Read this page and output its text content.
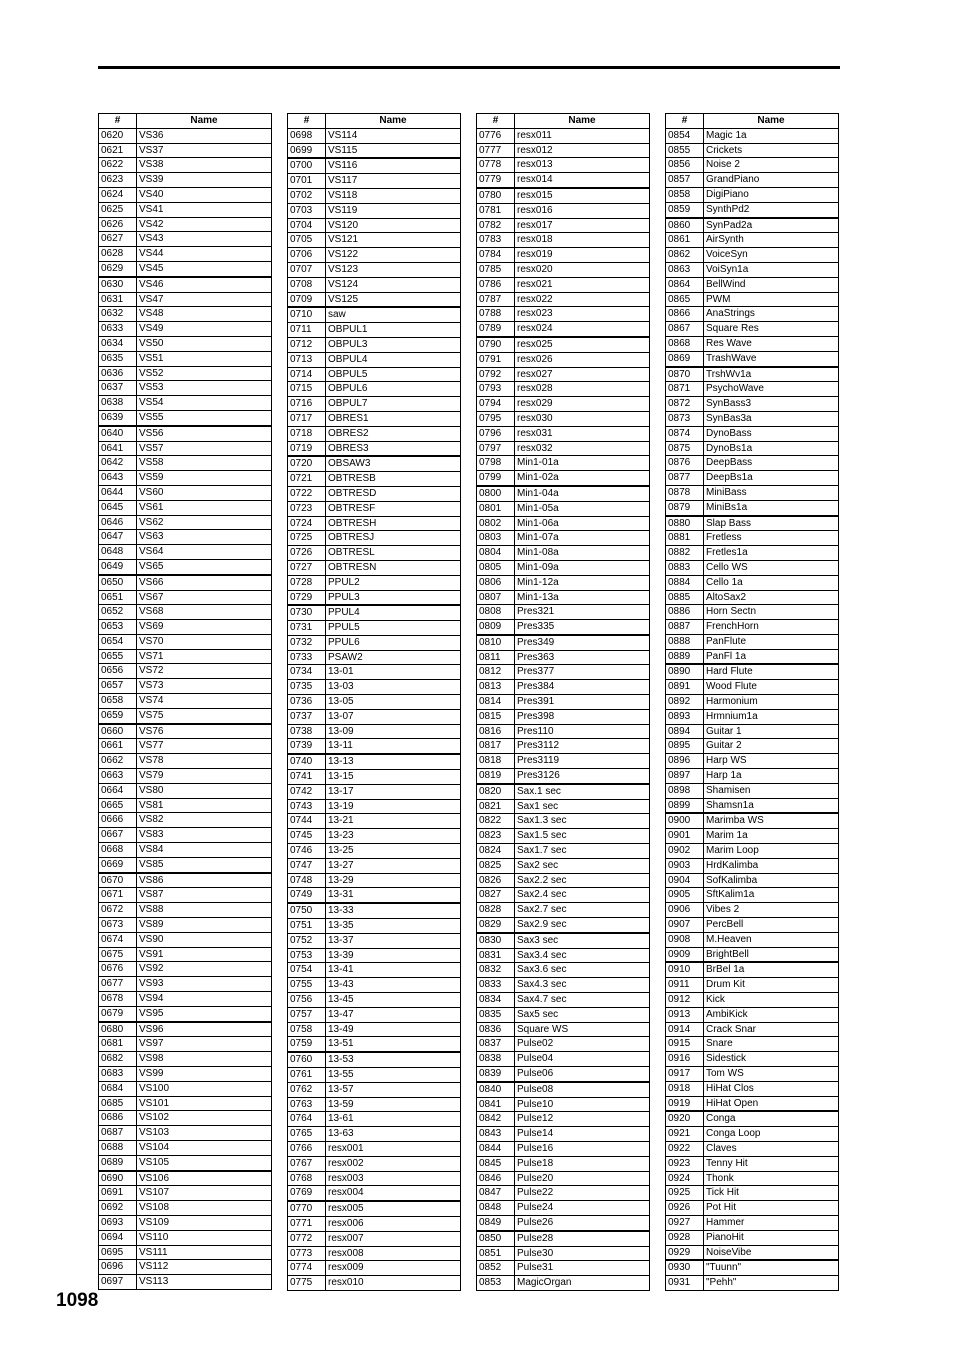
#	Name
0620	VS36
0621	VS37
0622	VS38
0623	VS39
0624	VS40
0625	VS41
0626	VS42
0627	VS43
0628	VS44
0629	VS45
0630	VS46
0631	VS47
0632	VS48
0633	VS49
0634	VS50
0635	VS51
0636	VS52
0637	VS53
0638	VS54
0639	VS55
0640	VS56
0641	VS57
0642	VS58
0643	VS59
0644	VS60
0645	VS61
0646	VS62
0647	VS63
0648	VS64
0649	VS65
0650	VS66
0651	VS67
0652	VS68
0653	VS69
0654	VS70
0655	VS71
0656	VS72
0657	VS73
0658	VS74
0659	VS75
0660	VS76
0661	VS77
0662	VS78
0663	VS79
0664	VS80
0665	VS81
0666	VS82
0667	VS83
0668	VS84
0669	VS85
0670	VS86
0671	VS87
0672	VS88
0673	VS89
0674	VS90
0675	VS91
0676	VS92
0677	VS93
0678	VS94
0679	VS95
0680	VS96
0681	VS97
0682	VS98
0683	VS99
0684	VS100
0685	VS101
0686	VS102
0687	VS103
0688	VS104
0689	VS105
0690	VS106
0691	VS107
0692	VS108
0693	VS109
0694	VS110
0695	VS111
0696	VS112
0697	VS113
#	Name
0698	VS114
0699	VS115
0700	VS116
0701	VS117
0702	VS118
0703	VS119
0704	VS120
0705	VS121
0706	VS122
0707	VS123
0708	VS124
0709	VS125
0710	saw
0711	OBPUL1
0712	OBPUL3
0713	OBPUL4
0714	OBPUL5
0715	OBPUL6
0716	OBPUL7
0717	OBRES1
0718	OBRES2
0719	OBRES3
0720	OBSAW3
0721	OBTRESB
0722	OBTRESD
0723	OBTRESF
0724	OBTRESH
0725	OBTRESJ
0726	OBTRESL
0727	OBTRESN
0728	PPUL2
0729	PPUL3
0730	PPUL4
0731	PPUL5
0732	PPUL6
0733	PSAW2
0734	13-01
0735	13-03
0736	13-05
0737	13-07
0738	13-09
0739	13-11
0740	13-13
0741	13-15
0742	13-17
0743	13-19
0744	13-21
0745	13-23
0746	13-25
0747	13-27
0748	13-29
0749	13-31
0750	13-33
0751	13-35
0752	13-37
0753	13-39
0754	13-41
0755	13-43
0756	13-45
0757	13-47
0758	13-49
0759	13-51
0760	13-53
0761	13-55
0762	13-57
0763	13-59
0764	13-61
0765	13-63
0766	resx001
0767	resx002
0768	resx003
0769	resx004
0770	resx005
0771	resx006
0772	resx007
0773	resx008
0774	resx009
0775	resx010
#	Name
0776	resx011
0777	resx012
0778	resx013
0779	resx014
0780	resx015
0781	resx016
0782	resx017
0783	resx018
0784	resx019
0785	resx020
0786	resx021
0787	resx022
0788	resx023
0789	resx024
0790	resx025
0791	resx026
0792	resx027
0793	resx028
0794	resx029
0795	resx030
0796	resx031
0797	resx032
0798	Min1-01a
0799	Min1-02a
0800	Min1-04a
0801	Min1-05a
0802	Min1-06a
0803	Min1-07a
0804	Min1-08a
0805	Min1-09a
0806	Min1-12a
0807	Min1-13a
0808	Pres321
0809	Pres335
0810	Pres349
0811	Pres363
0812	Pres377
0813	Pres384
0814	Pres391
0815	Pres398
0816	Pres110
0817	Pres3112
0818	Pres3119
0819	Pres3126
0820	Sax.1 sec
0821	Sax1 sec
0822	Sax1.3 sec
0823	Sax1.5 sec
0824	Sax1.7 sec
0825	Sax2 sec
0826	Sax2.2 sec
0827	Sax2.4 sec
0828	Sax2.7 sec
0829	Sax2.9 sec
0830	Sax3 sec
0831	Sax3.4 sec
0832	Sax3.6 sec
0833	Sax4.3 sec
0834	Sax4.7 sec
0835	Sax5 sec
0836	Square WS
0837	Pulse02
0838	Pulse04
0839	Pulse06
0840	Pulse08
0841	Pulse10
0842	Pulse12
0843	Pulse14
0844	Pulse16
0845	Pulse18
0846	Pulse20
0847	Pulse22
0848	Pulse24
0849	Pulse26
0850	Pulse28
0851	Pulse30
0852	Pulse31
0853	MagicOrgan
#	Name
0854	Magic 1a
0855	Crickets
0856	Noise 2
0857	GrandPiano
0858	DigiPiano
0859	SynthPd2
0860	SynPad2a
0861	AirSynth
0862	VoiceSyn
0863	VoiSyn1a
0864	BellWind
0865	PWM
0866	AnaStrings
0867	Square Res
0868	Res Wave
0869	TrashWave
0870	TrshWv1a
0871	PsychoWave
0872	SynBass3
0873	SynBas3a
0874	DynoBass
0875	DynoBs1a
0876	DeepBass
0877	DeepBs1a
0878	MiniBass
0879	MiniBs1a
0880	Slap Bass
0881	Fretless
0882	Fretles1a
0883	Cello WS
0884	Cello 1a
0885	AltoSax2
0886	Horn Sectn
0887	FrenchHorn
0888	PanFlute
0889	PanFl 1a
0890	Hard Flute
0891	Wood Flute
0892	Harmonium
0893	Hrmnium1a
0894	Guitar 1
0895	Guitar 2
0896	Harp WS
0897	Harp 1a
0898	Shamisen
0899	Shamsn1a
0900	Marimba WS
0901	Marim 1a
0902	Marim Loop
0903	HrdKalimba
0904	SofKalimba
0905	SftKalim1a
0906	Vibes 2
0907	PercBell
0908	M.Heaven
0909	BrightBell
0910	BrBel 1a
0911	Drum Kit
0912	Kick
0913	AmbiKick
0914	Crack Snar
0915	Snare
0916	Sidestick
0917	Tom WS
0918	HiHat Clos
0919	HiHat Open
0920	Conga
0921	Conga Loop
0922	Claves
0923	Tenny Hit
0924	Thonk
0925	Tick Hit
0926	Pot Hit
0927	Hammer
0928	PianoHit
0929	NoiseVibe
0930	"Tuunn"
0931	"Pehh"
1098
